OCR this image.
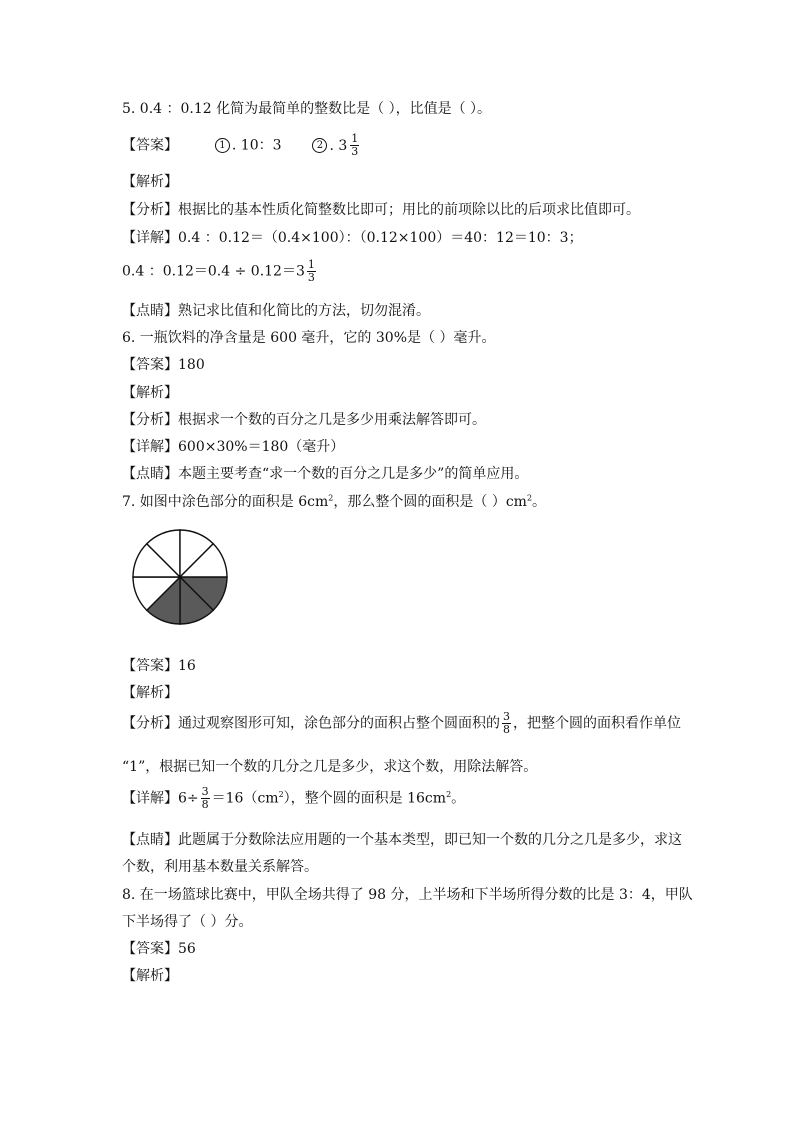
5. 0.4 ：0.12 化简为最简单的整数比是（ ），比值是（ ）。
【答案】	1 . 10：3	2 . $3 \frac{1}{3}$
【解析】
【分析】根据比的基本性质化简整数比即可；用比的前项除以比的后项求比值即可。
【详解】0.4 ：0.12＝（0.4×100）：（0.12×100）＝40：12＝10：3；
0.4 ：$0.12=0.4 \div 0.12=3 \frac{1}{3}$
【点睛】熟记求比值和化简比的方法，切勿混淆。
6. 一瓶饮料的净含量是 600 毫升，它的 30%是（ ）毫升。
【答案】180
【解析】
【分析】根据求一个数的百分之几是多少用乘法解答即可。
【详解】600×30%＝180（毫升）
【点睛】本题主要考查“求一个数的百分之几是多少”的简单应用。
7. 如图中涂色部分的面积是 $6cm^2$，那么整个圆的面积是（ ）$cm^2$。
【答案】16
【解析】
【分析】通过观察图形可知，涂色部分的面积占整个圆面积的 $\frac{3}{8}$ ，把整个圆的面积看作单位
“1”，根据已知一个数的几分之几是多少，求这个数，用除法解答。
【详解】$6\div \frac{3}{8} =16(cm^2)$，整个圆的面积是 $16cm^2$。
【点睛】此题属于分数除法应用题的一个基本类型，即已知一个数的几分之几是多少，求这
个数，利用基本数量关系解答。
8. 在一场篮球比赛中，甲队全场共得了 98 分，上半场和下半场所得分数的比是 3：4，甲队
下半场得了（ ）分。
【答案】56
【解析】
